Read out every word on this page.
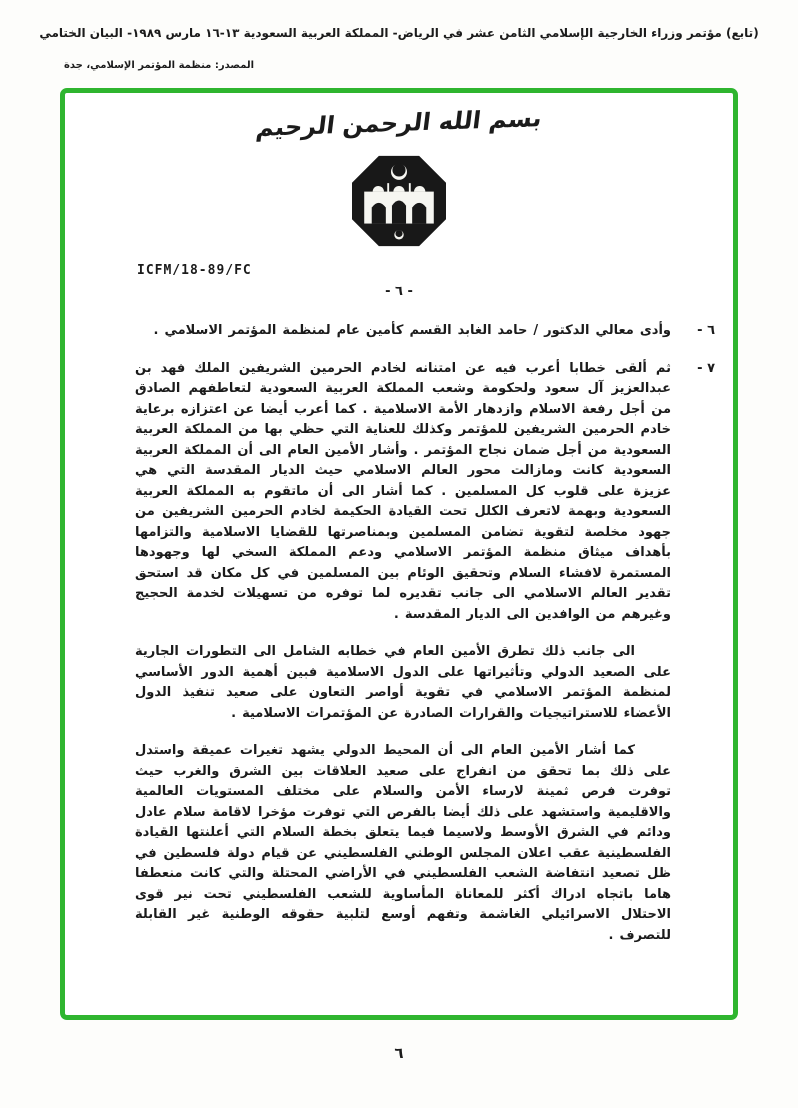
(تابع) مؤتمر وزراء الخارجية الإسلامي الثامن عشر في الرياض- المملكة العربية السعودية ١٣-١٦ مارس ١٩٨٩- البيان الختامي
المصدر: منظمة المؤتمر الإسلامي، جدة
بسم الله الرحمن الرحيم
ICFM/18-89/FC
- ٦ -
٦ -
وأدى معالي الدكتور / حامد الغابد القسم كأمين عام لمنظمة المؤتمر الاسلامي .
٧ -
ثم ألقى خطابا أعرب فيه عن امتنانه لخادم الحرمين الشريفين الملك فهد بن عبدالعزيز آل سعود ولحكومة وشعب المملكة العربية السعودية لتعاطفهم الصادق من أجل رفعة الاسلام وازدهار الأمة الاسلامية . كما أعرب أيضا عن اعتزازه برعاية خادم الحرمين الشريفين للمؤتمر وكذلك للعناية التي حظي بها من المملكة العربية السعودية من أجل ضمان نجاح المؤتمر . وأشار الأمين العام الى أن المملكة العربية السعودية كانت ومازالت محور العالم الاسلامي حيث الديار المقدسة التي هي عزيزة على قلوب كل المسلمين . كما أشار الى أن ماتقوم به المملكة العربية السعودية وبهمة لاتعرف الكلل تحت القيادة الحكيمة لخادم الحرمين الشريفين من جهود مخلصة لتقوية تضامن المسلمين وبمناصرتها للقضايا الاسلامية والتزامها بأهداف ميثاق منظمة المؤتمر الاسلامي ودعم المملكة السخي لها وجهودها المستمرة لافشاء السلام وتحقيق الوئام بين المسلمين في كل مكان قد استحق تقدير العالم الاسلامي الى جانب تقديره لما توفره من تسهيلات لخدمة الحجيج وغيرهم من الوافدين الى الديار المقدسة .
الى جانب ذلك تطرق الأمين العام في خطابه الشامل الى التطورات الجارية على الصعيد الدولي وتأثيراتها على الدول الاسلامية فبين أهمية الدور الأساسي لمنظمة المؤتمر الاسلامي في تقوية أواصر التعاون على صعيد تنفيذ الدول الأعضاء للاستراتيجيات والقرارات الصادرة عن المؤتمرات الاسلامية .
كما أشار الأمين العام الى أن المحيط الدولي يشهد تغيرات عميقة واستدل على ذلك بما تحقق من انفراج على صعيد العلاقات بين الشرق والغرب حيث توفرت فرص ثمينة لارساء الأمن والسلام على مختلف المستويات العالمية والاقليمية واستشهد على ذلك أيضا بالفرص التي توفرت مؤخرا لاقامة سلام عادل ودائم في الشرق الأوسط ولاسيما فيما يتعلق بخطة السلام التي أعلنتها القيادة الفلسطينية عقب اعلان المجلس الوطني الفلسطيني عن قيام دولة فلسطين في ظل تصعيد انتفاضة الشعب الفلسطيني في الأراضي المحتلة والتي كانت منعطفا هاما باتجاه ادراك أكثر للمعاناة المأساوية للشعب الفلسطيني تحت نير قوى الاحتلال الاسرائيلي الغاشمة وتفهم أوسع لتلبية حقوقه الوطنية غير القابلة للتصرف .
٦
